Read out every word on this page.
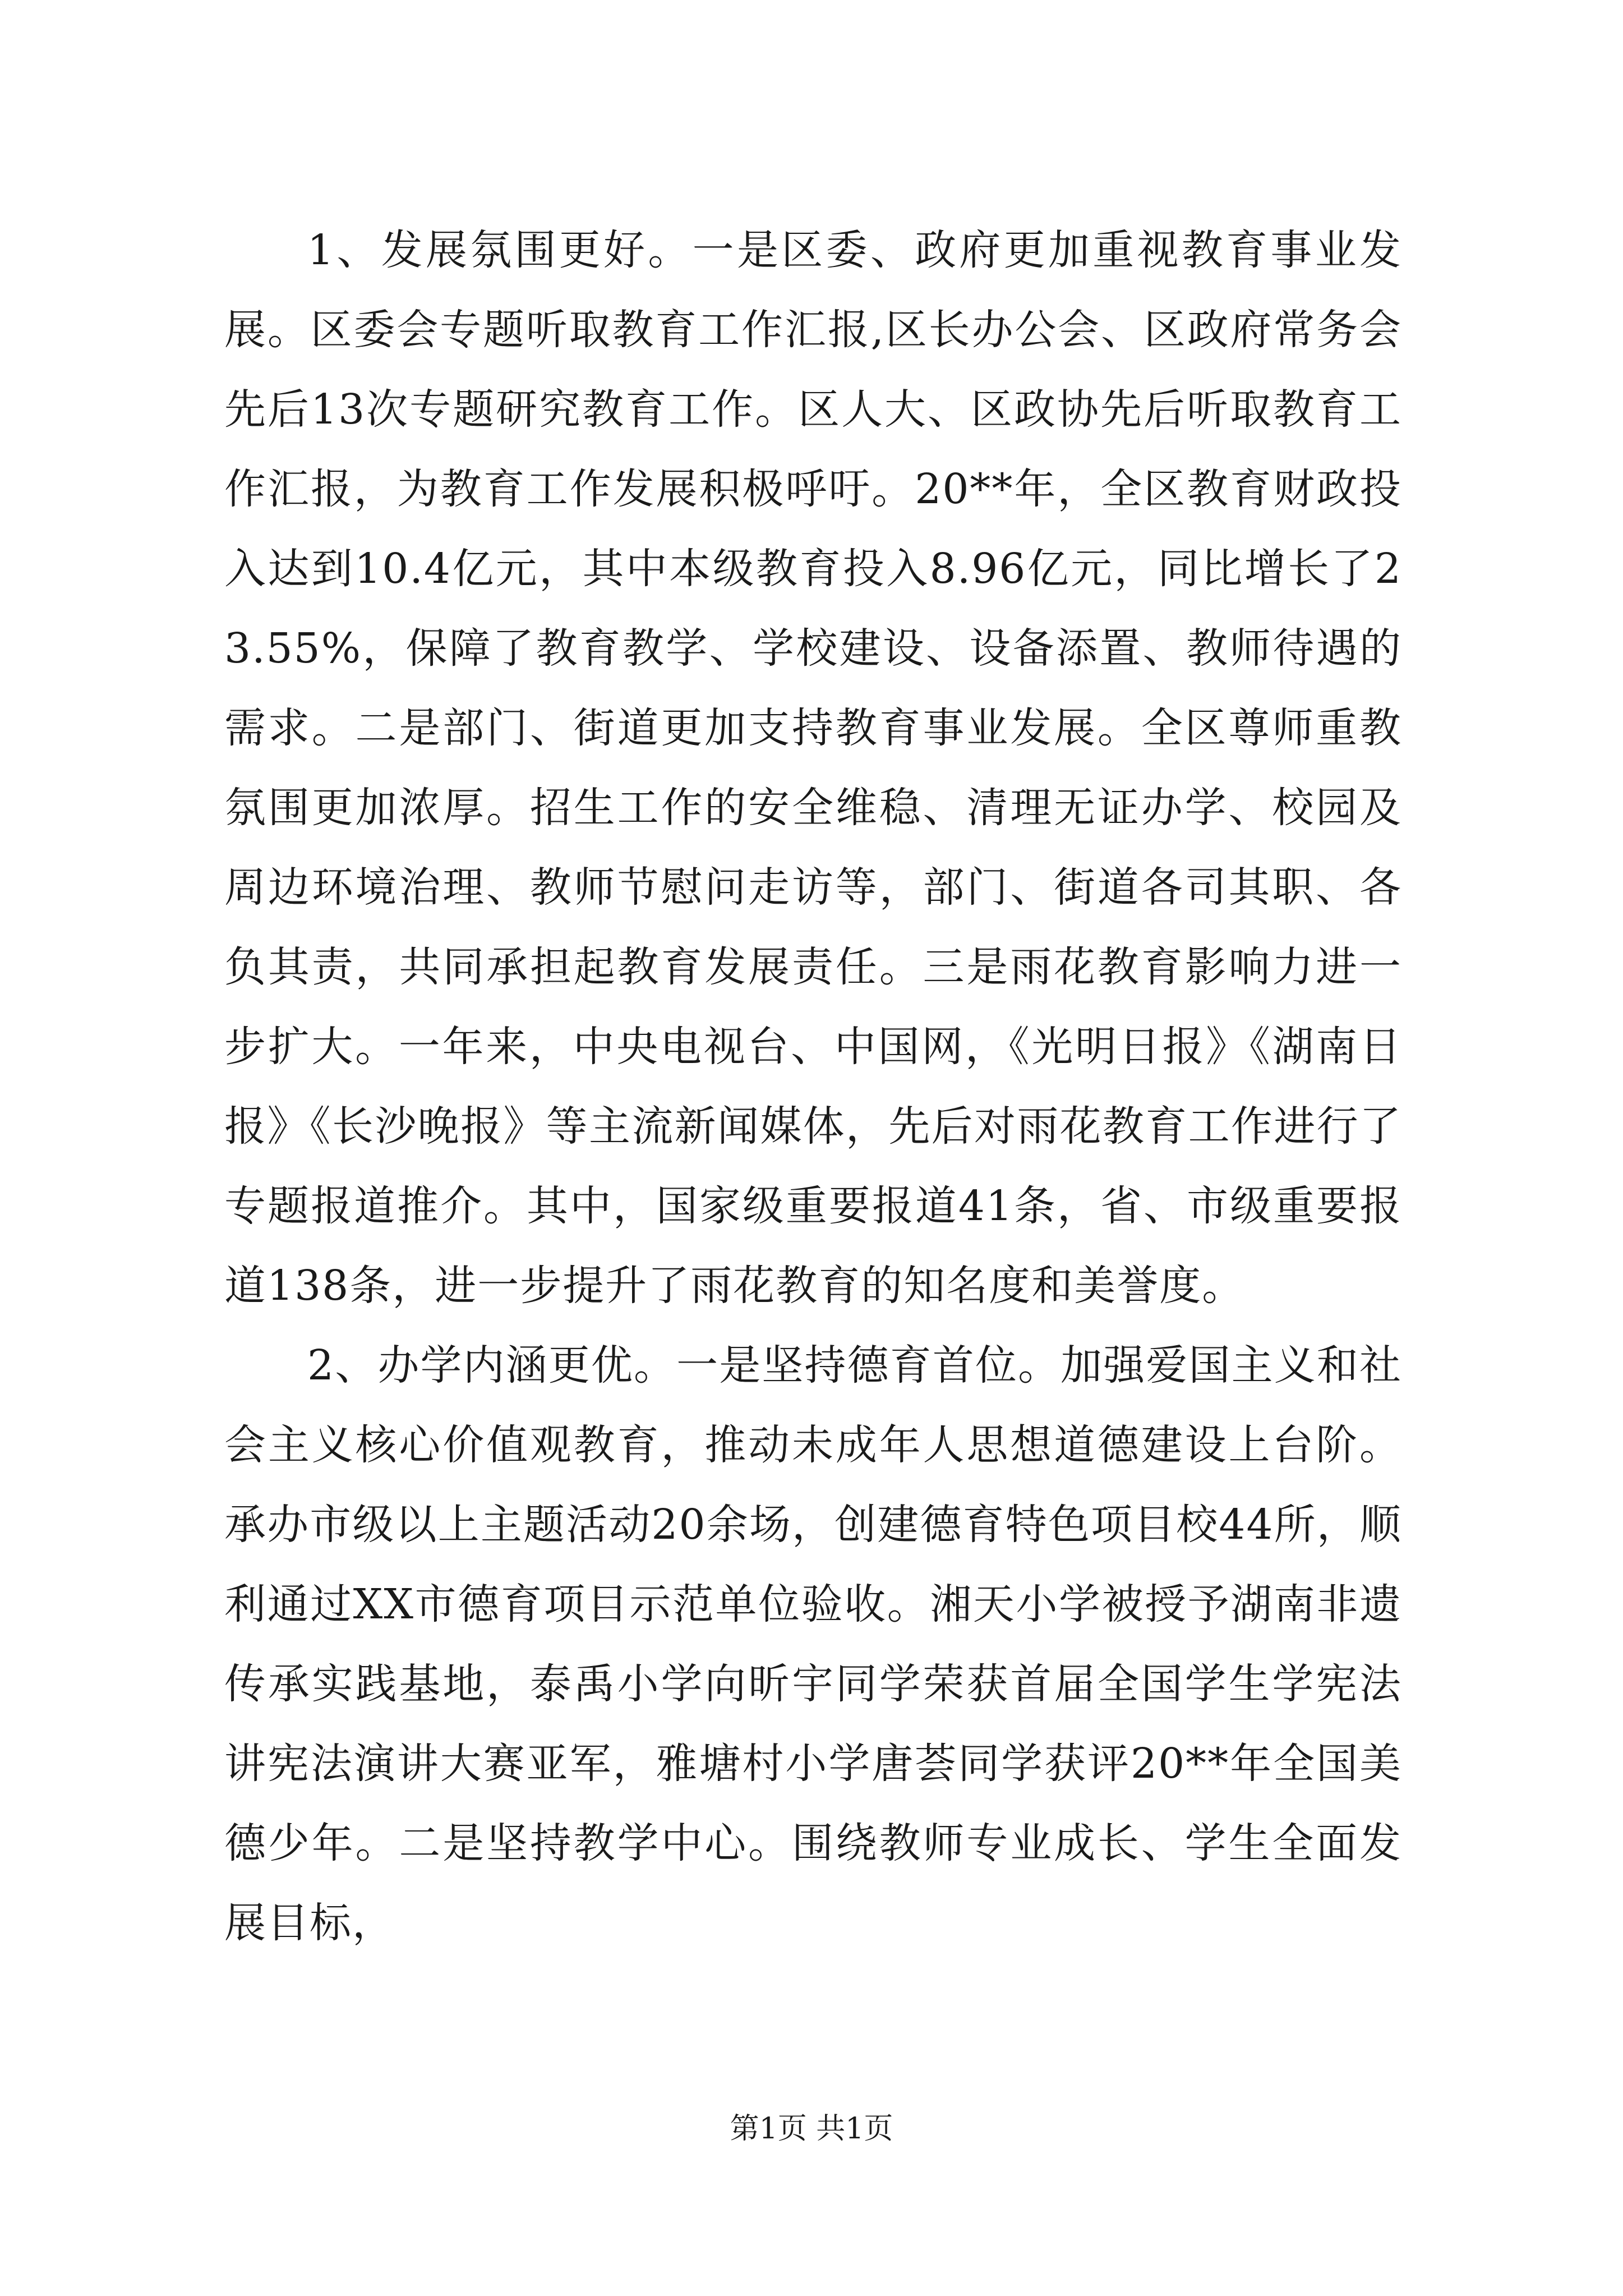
1、发展氛围更好。一是区委、政府更加重视教育事业发展。区委会专题听取教育工作汇报,区长办公会、区政府常务会先后13次专题研究教育工作。区人大、区政协先后听取教育工作汇报，为教育工作发展积极呼吁。20**年，全区教育财政投入达到10.4亿元，其中本级教育投入8.96亿元，同比增长了23.55%，保障了教育教学、学校建设、设备添置、教师待遇的需求。二是部门、街道更加支持教育事业发展。全区尊师重教氛围更加浓厚。招生工作的安全维稳、清理无证办学、校园及周边环境治理、教师节慰问走访等，部门、街道各司其职、各负其责，共同承担起教育发展责任。三是雨花教育影响力进一步扩大。一年来，中央电视台、中国网，《光明日报》《湖南日报》《长沙晚报》等主流新闻媒体，先后对雨花教育工作进行了专题报道推介。其中，国家级重要报道41条，省、市级重要报道138条，进一步提升了雨花教育的知名度和美誉度。

2、办学内涵更优。一是坚持德育首位。加强爱国主义和社会主义核心价值观教育，推动未成年人思想道德建设上台阶。承办市级以上主题活动20余场，创建德育特色项目校44所，顺利通过XX市德育项目示范单位验收。湘天小学被授予湖南非遗传承实践基地，泰禹小学向昕宇同学荣获首届全国学生学宪法讲宪法演讲大赛亚军，雅塘村小学唐荟同学获评20**年全国美德少年。二是坚持教学中心。围绕教师专业成长、学生全面发展目标，

第1页 共1页
